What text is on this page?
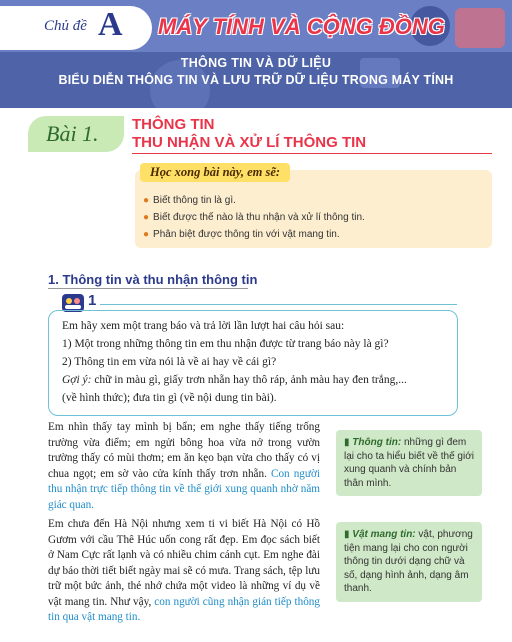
Chủ đề A MÁY TÍNH VÀ CỘNG ĐỒNG
THÔNG TIN VÀ DỮ LIỆU
BIỂU DIỄN THÔNG TIN VÀ LƯU TRỮ DỮ LIỆU TRONG MÁY TÍNH
Bài 1. THÔNG TIN
THU NHẬN VÀ XỬ LÍ THÔNG TIN
Học xong bài này, em sẽ:
● Biết thông tin là gì.
● Biết được thế nào là thu nhận và xử lí thông tin.
● Phân biệt được thông tin với vật mang tin.
1. Thông tin và thu nhận thông tin
1
Em hãy xem một trang báo và trả lời lần lượt hai câu hỏi sau:
1) Một trong những thông tin em thu nhận được từ trang báo này là gì?
2) Thông tin em vừa nói là về ai hay về cái gì?
Gợi ý: chữ in màu gì, giấy trơn nhẵn hay thô ráp, ảnh màu hay đen trắng,...
(về hình thức); đưa tin gì (về nội dung tin bài).
Em nhìn thấy tay mình bị bẩn; em nghe thấy tiếng trống trường vừa điểm; em ngửi bông hoa vừa nở trong vườn trường thấy có mùi thơm; em ăn kẹo bạn vừa cho thấy có vị chua ngọt; em sờ vào cửa kính thấy trơn nhẵn. Con người thu nhận trực tiếp thông tin về thế giới xung quanh nhờ năm giác quan.
Em chưa đến Hà Nội nhưng xem ti vi biết Hà Nội có Hồ Gươm với cầu Thê Húc uốn cong rất đẹp. Em đọc sách biết ở Nam Cực rất lạnh và có nhiều chim cánh cụt. Em nghe đài dự báo thời tiết biết ngày mai sẽ có mưa. Trang sách, tệp lưu trữ một bức ảnh, thẻ nhớ chứa một video là những ví dụ về vật mang tin. Như vậy, con người cũng nhận gián tiếp thông tin qua vật mang tin.
▮ Thông tin: những gì đem lại cho ta hiểu biết về thế giới xung quanh và chính bản thân mình.
▮ Vật mang tin: vật, phương tiện mang lại cho con người thông tin dưới dạng chữ và số, dạng hình ảnh, dạng âm thanh.
